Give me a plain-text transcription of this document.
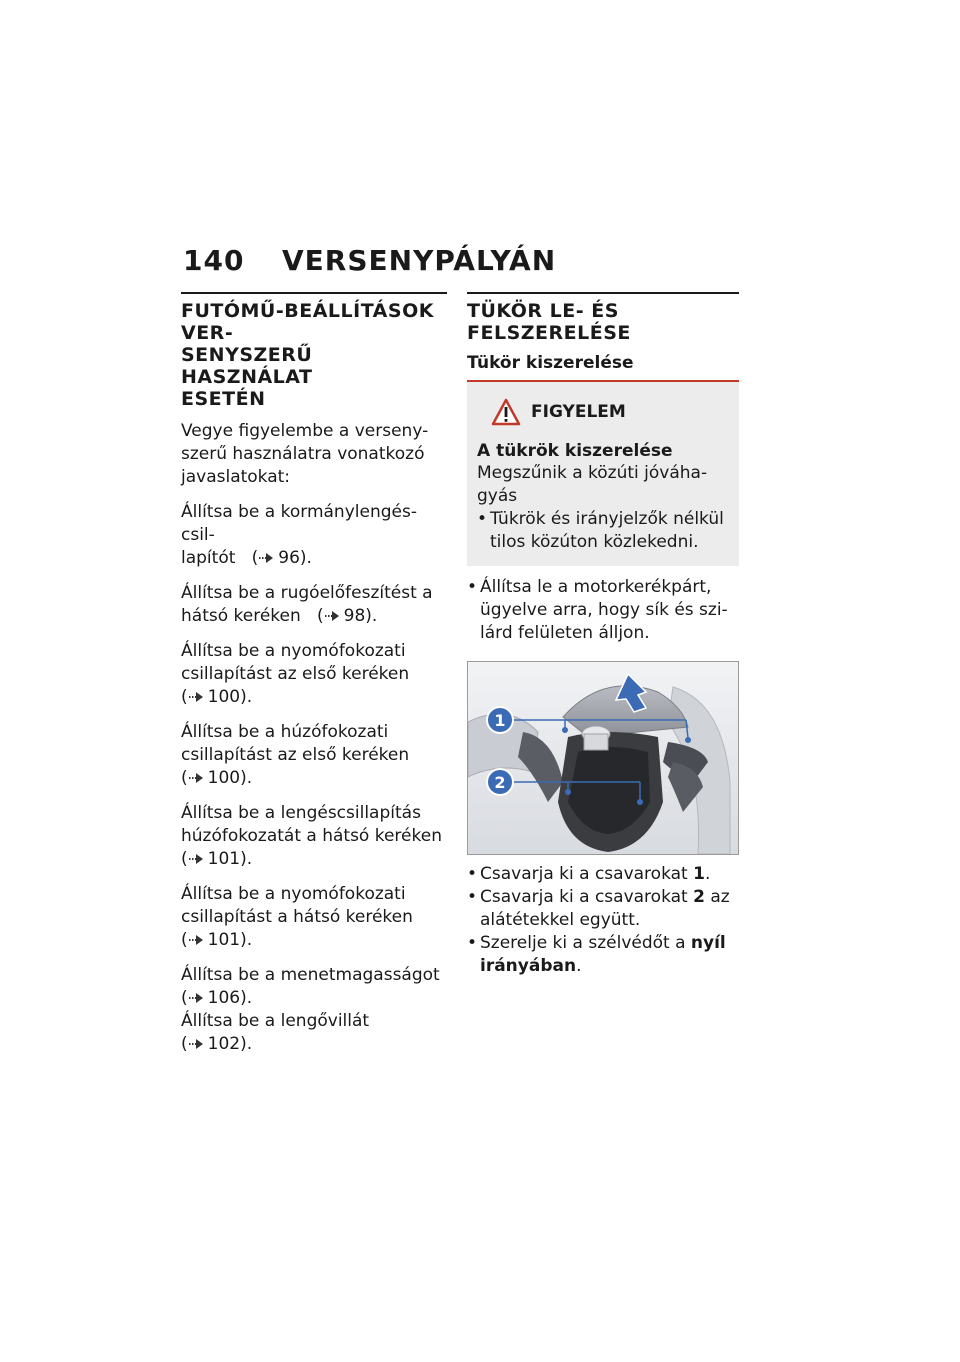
140 VERSENYPÁLYÁN
FUTÓMŰ-BEÁLLÍTÁSOK VER-
SENYSZERŰ HASZNÁLAT
ESETÉN

Vegye figyelembe a verseny-
szerű használatra vonatkozó
javaslatokat:

Állítsa be a kormánylengés-csil-
lapítót ( 96).

Állítsa be a rugóelőfeszítést a
hátsó keréken ( 98).

Állítsa be a nyomófokozati
csillapítást az első keréken
( 100).

Állítsa be a húzófokozati
csillapítást az első keréken
( 100).

Állítsa be a lengéscsillapítás
húzófokozatát a hátsó keréken
( 101).

Állítsa be a nyomófokozati
csillapítást a hátsó keréken
( 101).

Állítsa be a menetmagasságot
( 106).

Állítsa be a lengővillát
( 102).

TÜKÖR LE- ÉS
FELSZERELÉSE
Tükör kiszerelése
FIGYELEM
A tükrök kiszerelése
Megszűnik a közúti jóváha-
gyás
• Tükrök és irányjelzők nélkül
tilos közúton közlekedni.
• Állítsa le a motorkerékpárt,
ügyelve arra, hogy sík és szi-
lárd felületen álljon.
1
2
• Csavarja ki a csavarokat 1.
• Csavarja ki a csavarokat 2 az
alátétekkel együtt.
• Szerelje ki a szélvédőt a nyíl
irányában.
